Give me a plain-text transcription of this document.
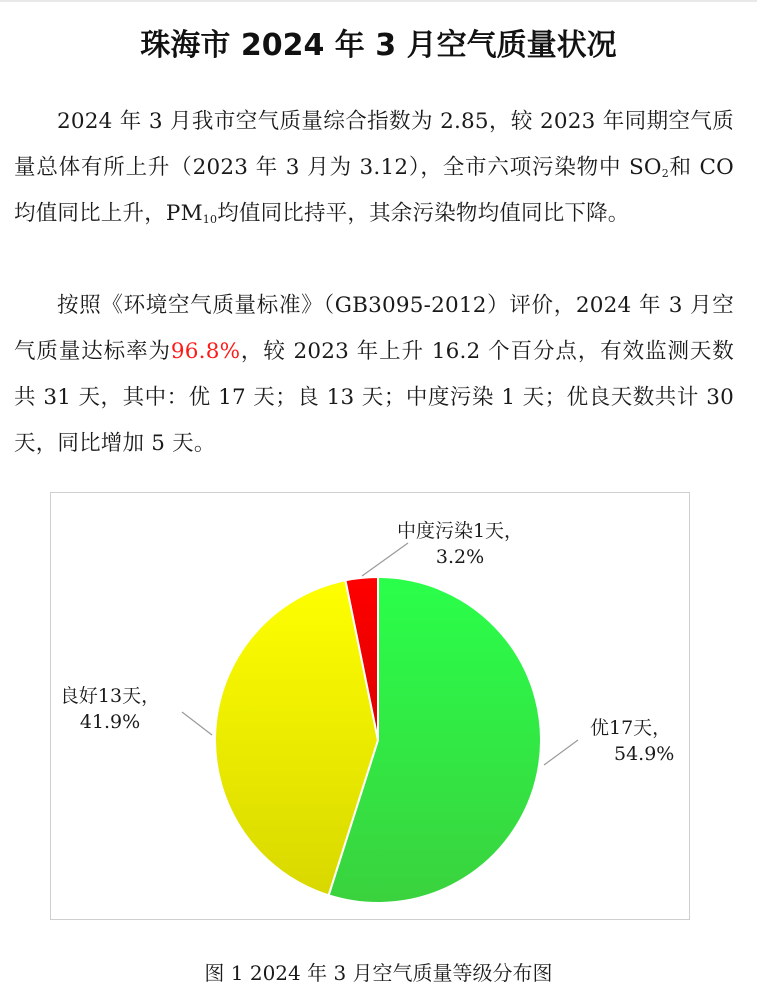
珠海市 2024 年 3 月空气质量状况

2024 年 3 月我市空气质量综合指数为 2.85，较 2023 年同期空气质量总体有所上升（2023 年 3 月为 3.12），全市六项污染物中 $SO_2$和 CO 均值同比上升，$PM_{10}$均值同比持平，其余污染物均值同比下降。

按照《环境空气质量标准》（GB3095-2012）评价，2024 年 3 月空气质量达标率为96.8%，较 2023 年上升 16.2 个百分点，有效监测天数共 31 天，其中：优 17 天；良 13 天；中度污染 1 天；优良天数共计 30 天，同比增加 5 天。

优17天，
54.9%
良好13天，
41.9%
中度污染1天，
3.2%
图 1 2024 年 3 月空气质量等级分布图
